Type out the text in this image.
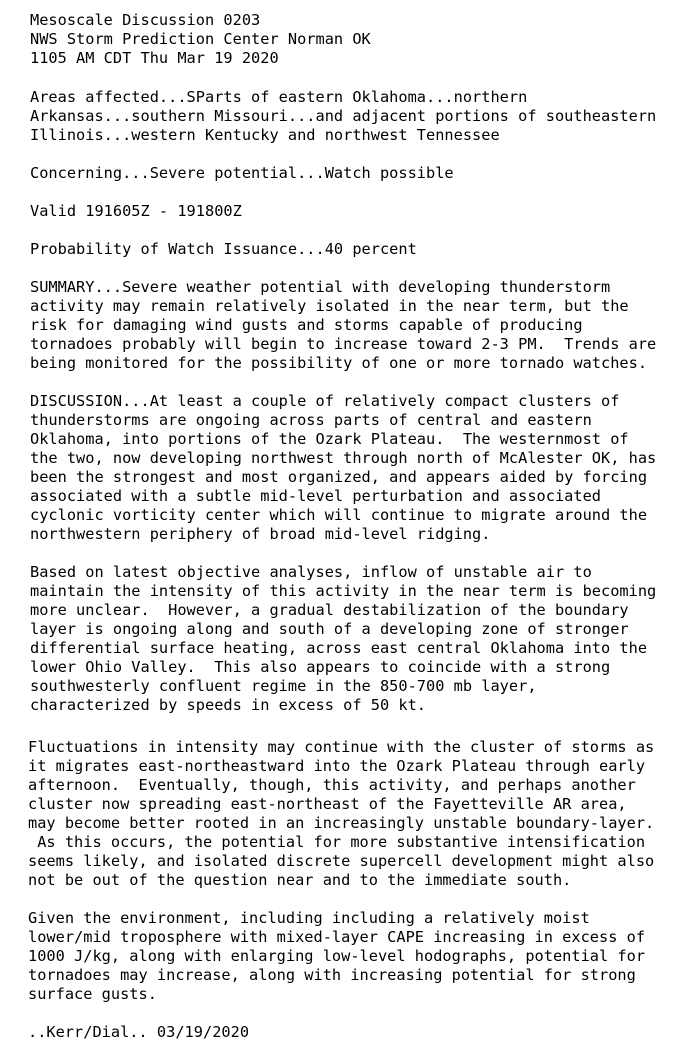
Mesoscale Discussion 0203
NWS Storm Prediction Center Norman OK
1105 AM CDT Thu Mar 19 2020
Areas affected...SParts of eastern Oklahoma...northern
Arkansas...southern Missouri...and adjacent portions of southeastern
Illinois...western Kentucky and northwest Tennessee
Concerning...Severe potential...Watch possible
Valid 191605Z - 191800Z
Probability of Watch Issuance...40 percent
SUMMARY...Severe weather potential with developing thunderstorm
activity may remain relatively isolated in the near term, but the
risk for damaging wind gusts and storms capable of producing
tornadoes probably will begin to increase toward 2-3 PM.  Trends are
being monitored for the possibility of one or more tornado watches.
DISCUSSION...At least a couple of relatively compact clusters of
thunderstorms are ongoing across parts of central and eastern
Oklahoma, into portions of the Ozark Plateau.  The westernmost of
the two, now developing northwest through north of McAlester OK, has
been the strongest and most organized, and appears aided by forcing
associated with a subtle mid-level perturbation and associated
cyclonic vorticity center which will continue to migrate around the
northwestern periphery of broad mid-level ridging.
Based on latest objective analyses, inflow of unstable air to
maintain the intensity of this activity in the near term is becoming
more unclear.  However, a gradual destabilization of the boundary
layer is ongoing along and south of a developing zone of stronger
differential surface heating, across east central Oklahoma into the
lower Ohio Valley.  This also appears to coincide with a strong
southwesterly confluent regime in the 850-700 mb layer,
characterized by speeds in excess of 50 kt.
Fluctuations in intensity may continue with the cluster of storms as
it migrates east-northeastward into the Ozark Plateau through early
afternoon.  Eventually, though, this activity, and perhaps another
cluster now spreading east-northeast of the Fayetteville AR area,
may become better rooted in an increasingly unstable boundary-layer.
As this occurs, the potential for more substantive intensification
seems likely, and isolated discrete supercell development might also
not be out of the question near and to the immediate south.
Given the environment, including including a relatively moist
lower/mid troposphere with mixed-layer CAPE increasing in excess of
1000 J/kg, along with enlarging low-level hodographs, potential for
tornadoes may increase, along with increasing potential for strong
surface gusts.
..Kerr/Dial.. 03/19/2020
